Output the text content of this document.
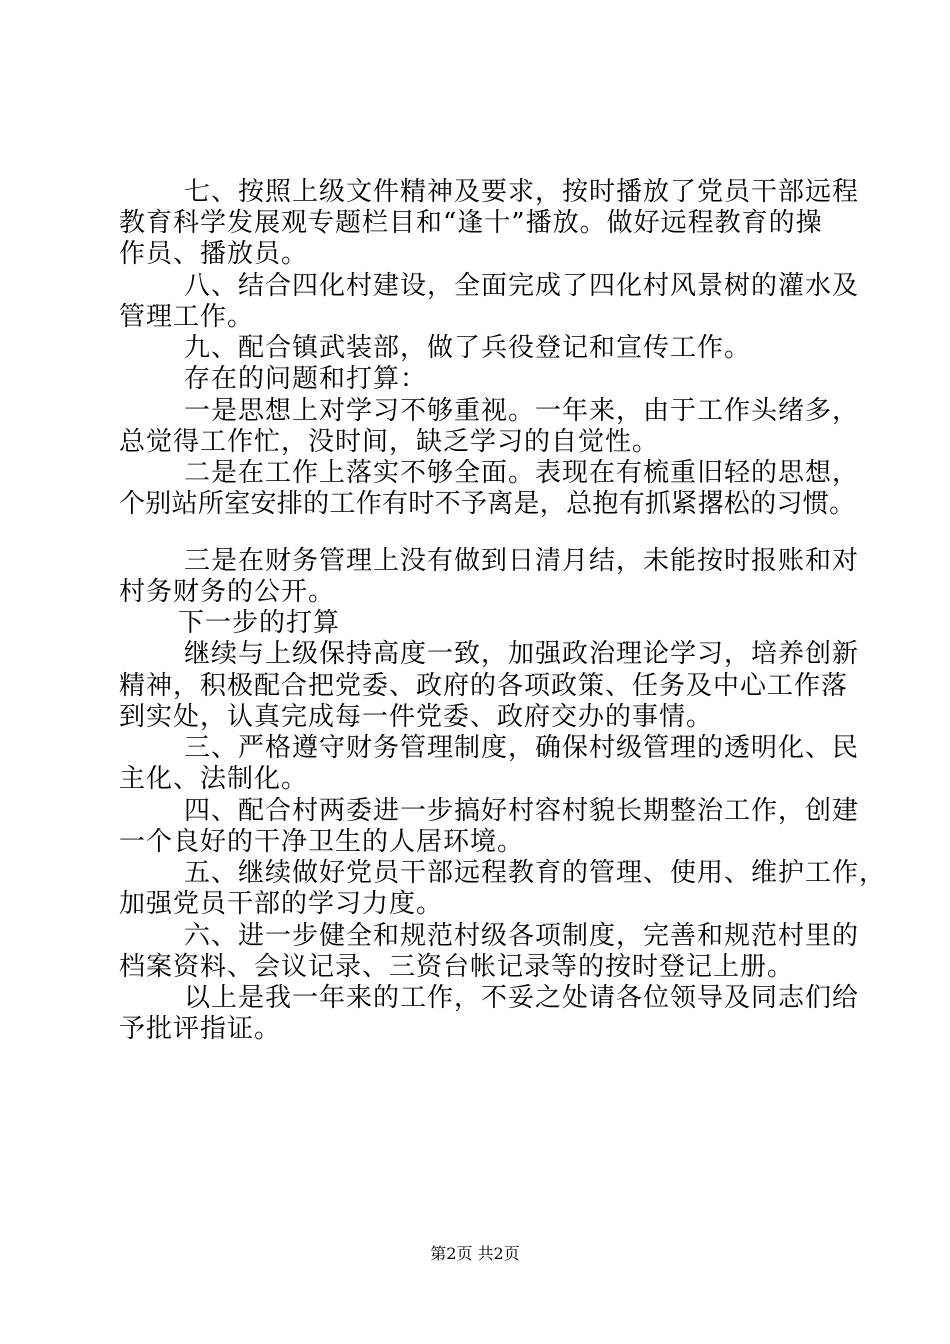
七、按照上级文件精神及要求，按时播放了党员干部远程
教育科学发展观专题栏目和“逢十”播放。做好远程教育的操
作员、播放员。
八、结合四化村建设，全面完成了四化村风景树的灌水及
管理工作。
九、配合镇武装部，做了兵役登记和宣传工作。
存在的问题和打算：
一是思想上对学习不够重视。一年来，由于工作头绪多，
总觉得工作忙，没时间，缺乏学习的自觉性。
二是在工作上落实不够全面。表现在有梳重旧轻的思想，
个别站所室安排的工作有时不予离是，总抱有抓紧撂松的习惯。
三是在财务管理上没有做到日清月结，未能按时报账和对
村务财务的公开。
下一步的打算
继续与上级保持高度一致，加强政治理论学习，培养创新
精神，积极配合把党委、政府的各项政策、任务及中心工作落
到实处，认真完成每一件党委、政府交办的事情。
三、严格遵守财务管理制度，确保村级管理的透明化、民
主化、法制化。
四、配合村两委进一步搞好村容村貌长期整治工作，创建
一个良好的干净卫生的人居环境。
五、继续做好党员干部远程教育的管理、使用、维护工作，
加强党员干部的学习力度。
六、进一步健全和规范村级各项制度，完善和规范村里的
档案资料、会议记录、三资台帐记录等的按时登记上册。
以上是我一年来的工作，不妥之处请各位领导及同志们给
予批评指证。
第2页 共2页
